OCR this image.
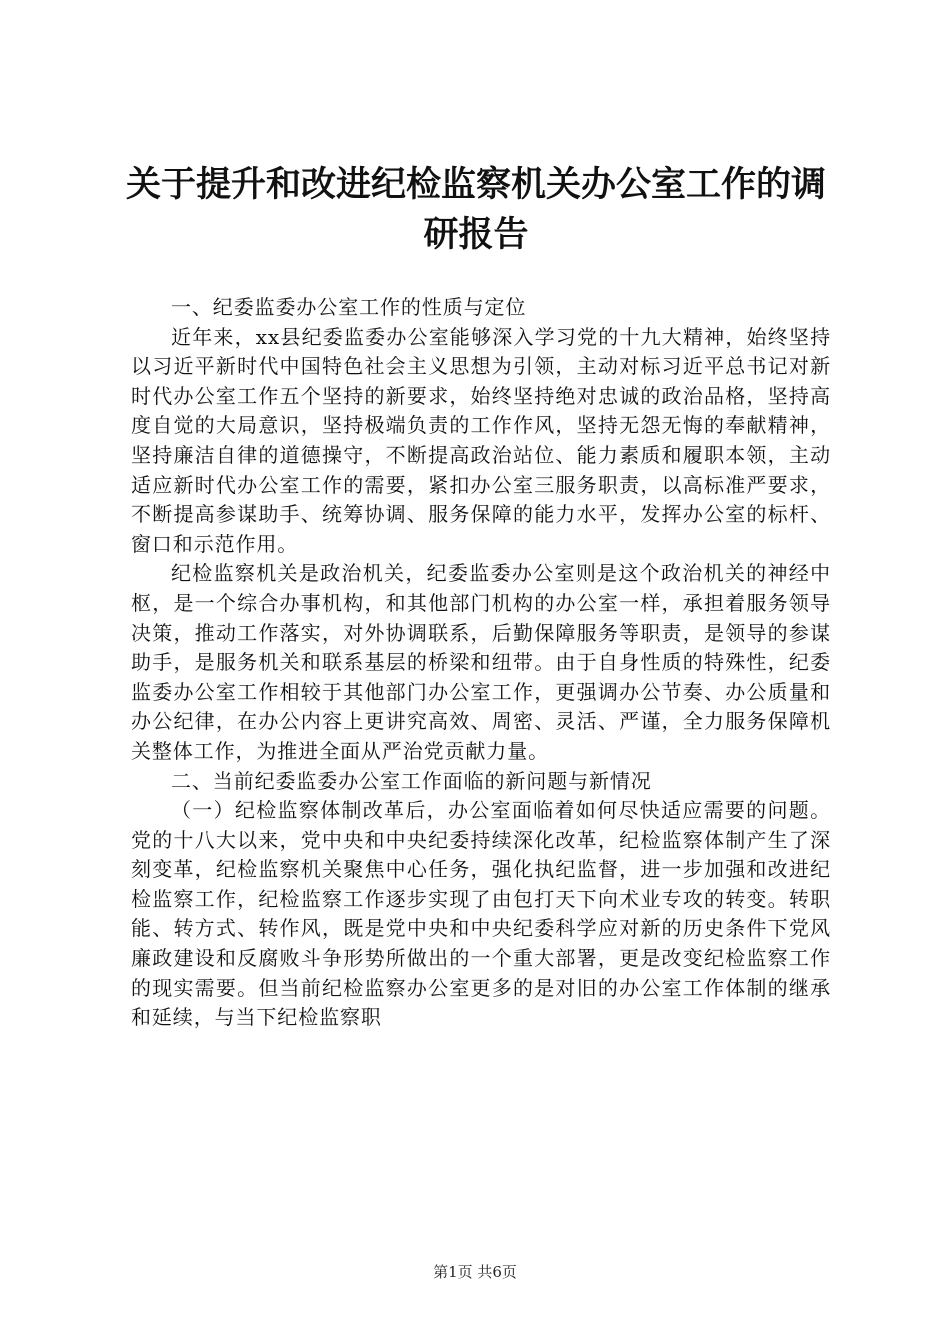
关于提升和改进纪检监察机关办公室工作的调
研报告

一、纪委监委办公室工作的性质与定位

近年来，xx县纪委监委办公室能够深入学习党的十九大精神，始终坚持以习近平新时代中国特色社会主义思想为引领，主动对标习近平总书记对新时代办公室工作五个坚持的新要求，始终坚持绝对忠诚的政治品格，坚持高度自觉的大局意识，坚持极端负责的工作作风，坚持无怨无悔的奉献精神，坚持廉洁自律的道德操守，不断提高政治站位、能力素质和履职本领，主动适应新时代办公室工作的需要，紧扣办公室三服务职责，以高标准严要求，不断提高参谋助手、统筹协调、服务保障的能力水平，发挥办公室的标杆、窗口和示范作用。

纪检监察机关是政治机关，纪委监委办公室则是这个政治机关的神经中枢，是一个综合办事机构，和其他部门机构的办公室一样，承担着服务领导决策，推动工作落实，对外协调联系，后勤保障服务等职责，是领导的参谋助手，是服务机关和联系基层的桥梁和纽带。由于自身性质的特殊性，纪委监委办公室工作相较于其他部门办公室工作，更强调办公节奏、办公质量和办公纪律，在办公内容上更讲究高效、周密、灵活、严谨，全力服务保障机关整体工作，为推进全面从严治党贡献力量。

二、当前纪委监委办公室工作面临的新问题与新情况

（一）纪检监察体制改革后，办公室面临着如何尽快适应需要的问题。党的十八大以来，党中央和中央纪委持续深化改革，纪检监察体制产生了深刻变革，纪检监察机关聚焦中心任务，强化执纪监督，进一步加强和改进纪检监察工作，纪检监察工作逐步实现了由包打天下向术业专攻的转变。转职能、转方式、转作风，既是党中央和中央纪委科学应对新的历史条件下党风廉政建设和反腐败斗争形势所做出的一个重大部署，更是改变纪检监察工作的现实需要。但当前纪检监察办公室更多的是对旧的办公室工作体制的继承和延续，与当下纪检监察职

第1页 共6页
